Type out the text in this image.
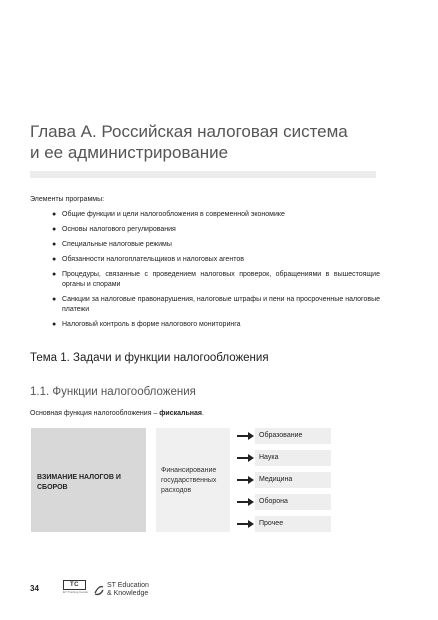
Глава А. Российская налоговая система
и ее администрирование
Элементы программы:
● Общие функции и цели налогообложения в современной экономике
● Основы налогового регулирования
● Специальные налоговые режимы
● Обязанности налогоплательщиков и налоговых агентов
● Процедуры, связанные с проведением налоговых проверок, обращениями в вышестоящие органы и спорами
● Санкции за налоговые правонарушения, налоговые штрафы и пени на просроченные налоговые платежи
● Налоговый контроль в форме налогового мониторинга
Тема 1. Задачи и функции налогообложения
1.1. Функции налогообложения
Основная функция налогообложения – фискальная.
ВЗИМАНИЕ НАЛОГОВ И СБОРОВ
Финансирование государственных расходов
Образование
Наука
Медицина
Оборона
Прочее
34	TC
EY Training Center
ST Education
& Knowledge
